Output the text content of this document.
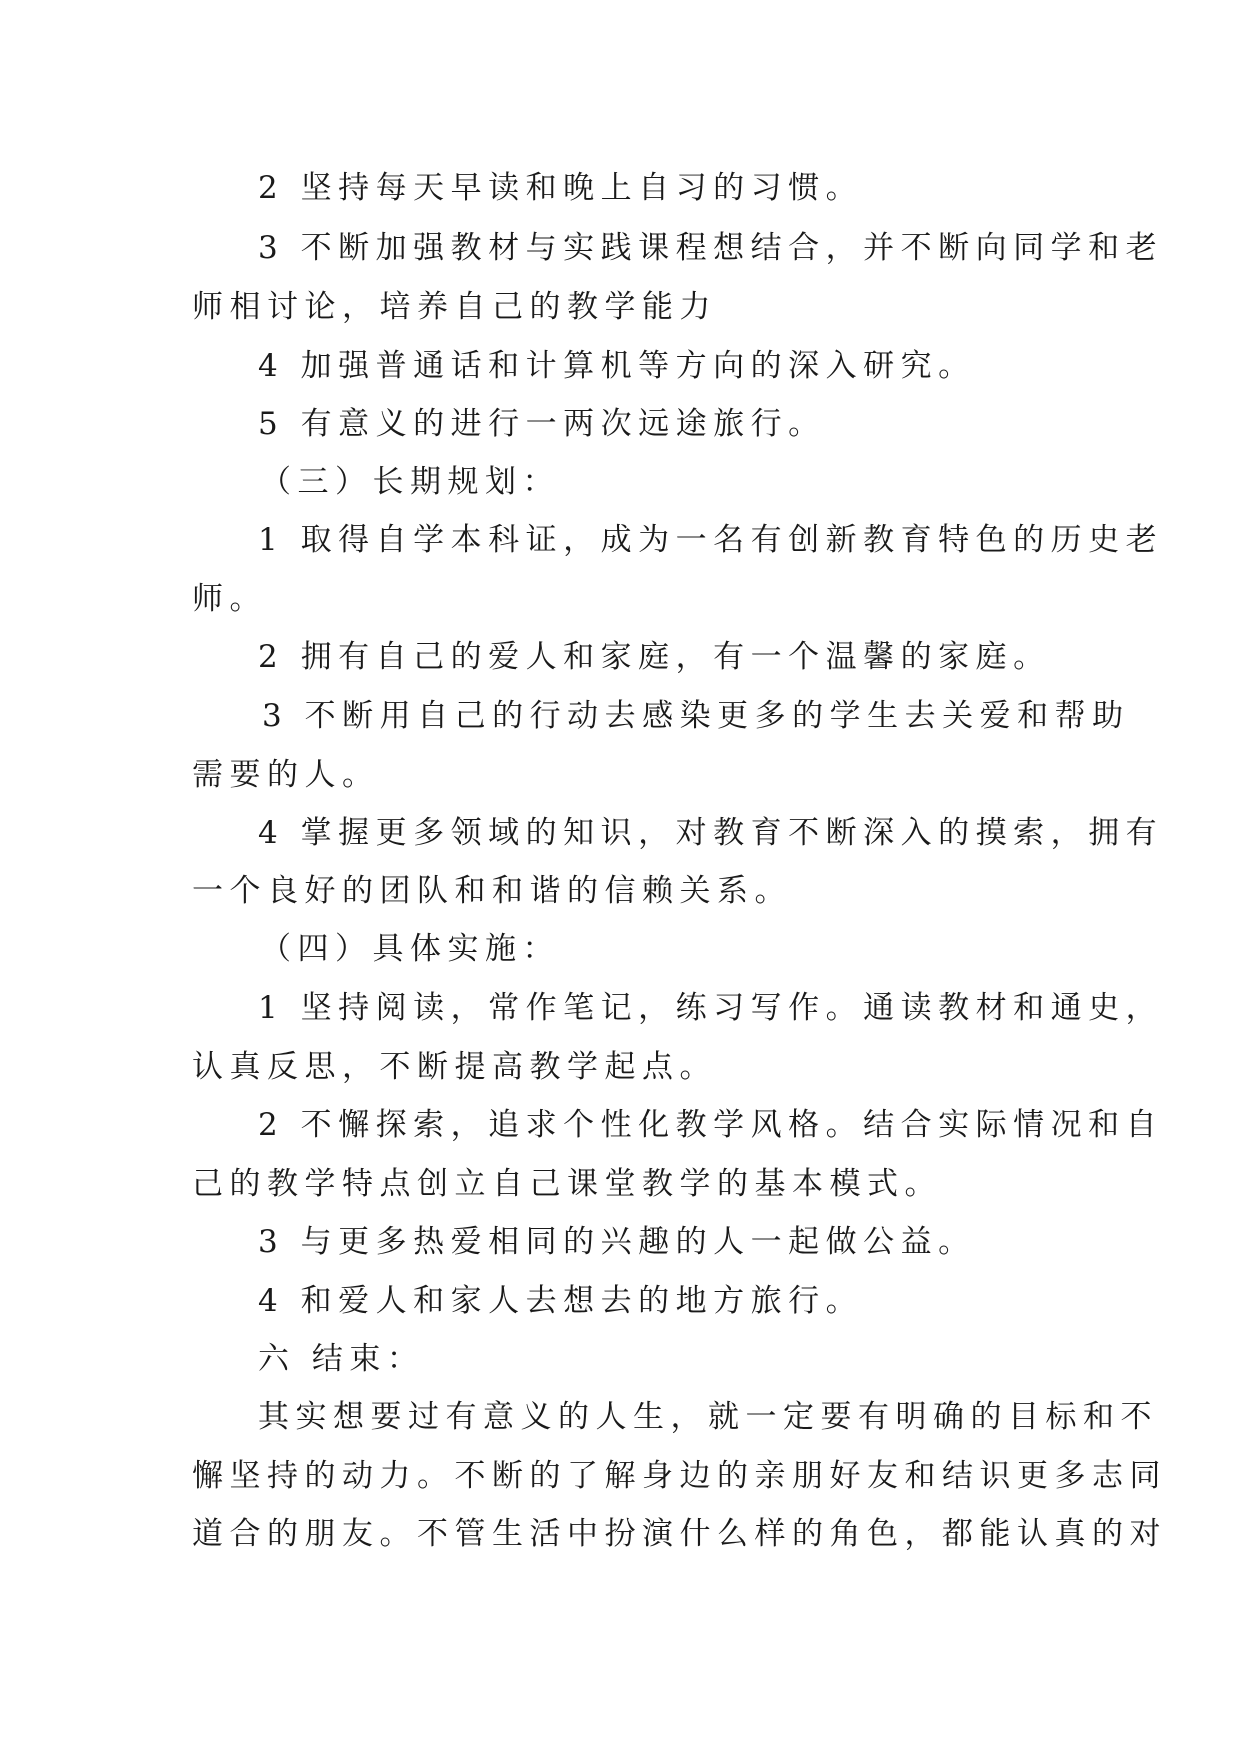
2 坚持每天早读和晚上自习的习惯。
3 不断加强教材与实践课程想结合，并不断向同学和老
师相讨论，培养自己的教学能力
4 加强普通话和计算机等方向的深入研究。
5 有意义的进行一两次远途旅行。
（三）长期规划：
1 取得自学本科证，成为一名有创新教育特色的历史老
师。
2 拥有自己的爱人和家庭，有一个温馨的家庭。
3 不断用自己的行动去感染更多的学生去关爱和帮助
需要的人。
4 掌握更多领域的知识，对教育不断深入的摸索，拥有
一个良好的团队和和谐的信赖关系。
（四）具体实施：
1 坚持阅读，常作笔记，练习写作。通读教材和通史，
认真反思，不断提高教学起点。
2 不懈探索，追求个性化教学风格。结合实际情况和自
己的教学特点创立自己课堂教学的基本模式。
3 与更多热爱相同的兴趣的人一起做公益。
4 和爱人和家人去想去的地方旅行。
六 结束：
其实想要过有意义的人生，就一定要有明确的目标和不
懈坚持的动力。不断的了解身边的亲朋好友和结识更多志同
道合的朋友。不管生活中扮演什么样的角色，都能认真的对
